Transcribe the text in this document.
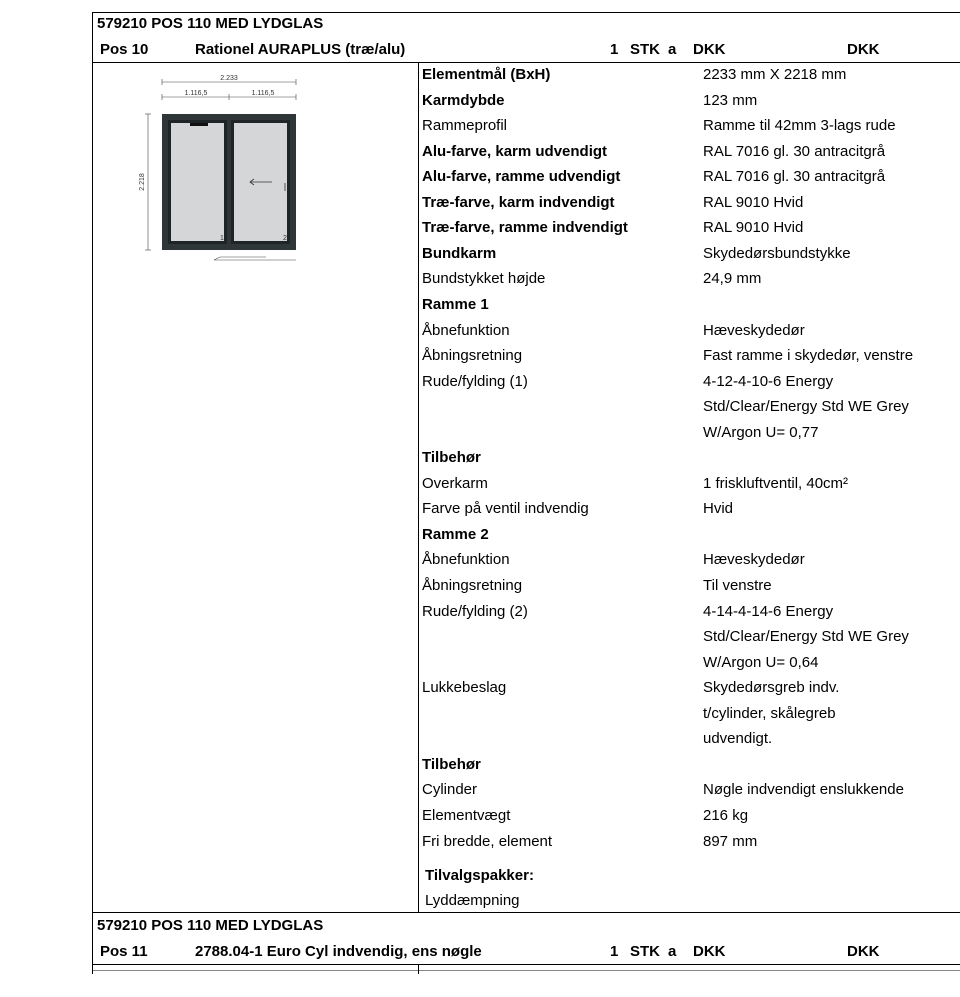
579210 POS 110 MED LYDGLAS
Pos 10	Rationel AURAPLUS (træ/alu)	1 STK a DKK	DKK
2.233
1.116,5	1.116,5
2.218
1	2
Elementmål (BxH)	2233 mm X 2218 mm
Karmdybde	123 mm
Rammeprofil	Ramme til 42mm 3-lags rude
Alu-farve, karm udvendigt	RAL 7016 gl. 30 antracitgrå
Alu-farve, ramme udvendigt	RAL 7016 gl. 30 antracitgrå
Træ-farve, karm indvendigt	RAL 9010 Hvid
Træ-farve, ramme indvendigt	RAL 9010 Hvid
Bundkarm	Skydedørsbundstykke
Bundstykket højde	24,9 mm
Ramme 1
Åbnefunktion	Hæveskydedør
Åbningsretning	Fast ramme i skydedør, venstre
Rude/fylding (1)	4-12-4-10-6 Energy
Std/Clear/Energy Std WE Grey
W/Argon U= 0,77
Tilbehør
Overkarm	1 friskluftventil, 40cm²
Farve på ventil indvendig	Hvid
Ramme 2
Åbnefunktion	Hæveskydedør
Åbningsretning	Til venstre
Rude/fylding (2)	4-14-4-14-6 Energy
Std/Clear/Energy Std WE Grey
W/Argon U= 0,64
Lukkebeslag	Skydedørsgreb indv.
t/cylinder, skålegreb
udvendigt.
Tilbehør
Cylinder	Nøgle indvendigt enslukkende
Elementvægt	216 kg
Fri bredde, element	897 mm
Tilvalgspakker:
Lyddæmpning
579210 POS 110 MED LYDGLAS
Pos 11	2788.04-1 Euro Cyl indvendig, ens nøgle	1 STK a DKK	DKK
